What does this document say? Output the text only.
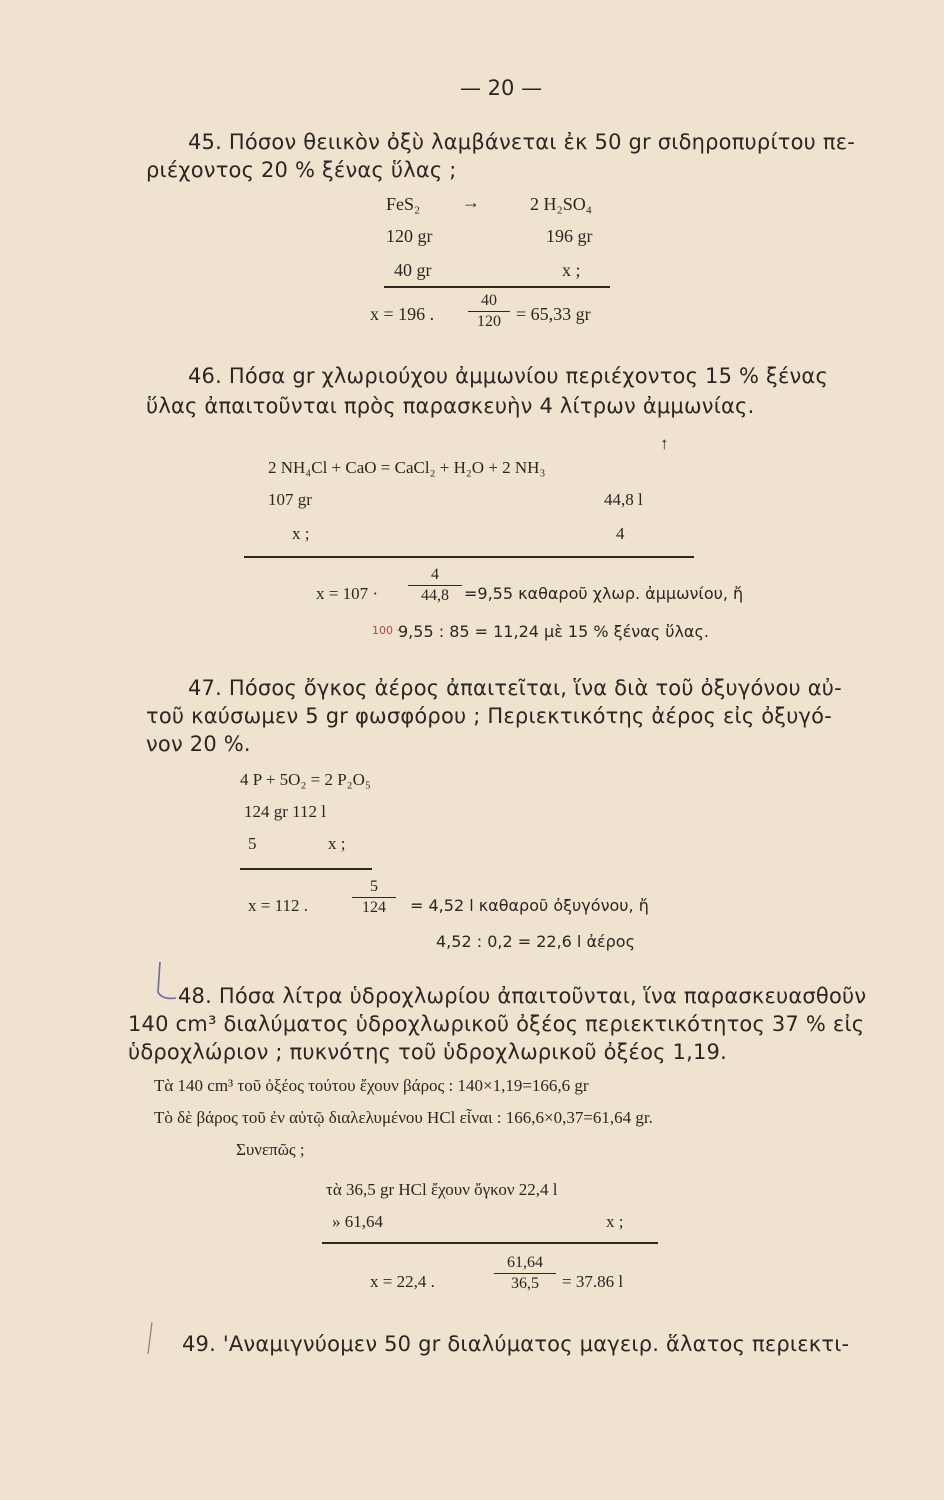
— 20 —
45. Πόσον θειικὸν ὀξὺ λαμβάνεται ἐκ 50 gr σιδηροπυρίτου πε-
ριέχοντος 20 % ξένας ὕλας ;
FeS₂ →	2 H₂SO₄
120 gr	196 gr
40 gr	x ;
x = 196 .
40
120 = 65,33 gr
46. Πόσα gr χλωριούχου ἀμμωνίου περιέχοντος 15 % ξένας
ὕλας ἀπαιτοῦνται πρὸς παρασκευὴν 4 λίτρων ἀμμωνίας.
↑
2 NH₄Cl + CaO = CaCl₂ + H₂O + 2 NH₃
107 gr	44,8 l
x ;	4
x = 107 ·
4
44,8 =9,55 καθαροῦ χλωρ. ἀμμωνίου, ἤ
100 ·
9,55 : 85 = 11,24 μὲ 15 % ξένας ὕλας.
47. Πόσος ὄγκος ἀέρος ἀπαιτεῖται, ἵνα διὰ τοῦ ὀξυγόνου αὐ-
τοῦ καύσωμεν 5 gr φωσφόρου ; Περιεκτικότης ἀέρος εἰς ὀξυγό-
νον 20 %.
4 P + 5O₂ = 2 P₂O₅
124 gr 112 l
5	x ;
x = 112 .
5
124	= 4,52 l καθαροῦ ὀξυγόνου, ἤ
4,52 : 0,2 = 22,6 l ἀέρος
48. Πόσα λίτρα ὑδροχλωρίου ἀπαιτοῦνται, ἵνα παρασκευασθοῦν
140 cm³ διαλύματος ὑδροχλωρικοῦ ὀξέος περιεκτικότητος 37 % εἰς
ὑδροχλώριον ; πυκνότης τοῦ ὑδροχλωρικοῦ ὀξέος 1,19.
Τὰ 140 cm³ τοῦ ὀξέος τούτου ἔχουν βάρος : 140×1,19=166,6 gr
Τὸ δὲ βάρος τοῦ ἐν αὐτῷ διαλελυμένου HCl εἶναι : 166,6×0,37=61,64 gr.
Συνεπῶς ;
τὰ 36,5 gr HCl ἔχουν ὄγκον 22,4 l
» 61,64	x ;
x = 22,4 .
61,64
36,5	= 37.86 l
49. 'Αναμιγνύομεν 50 gr διαλύματος μαγειρ. ἅλατος περιεκτι-
